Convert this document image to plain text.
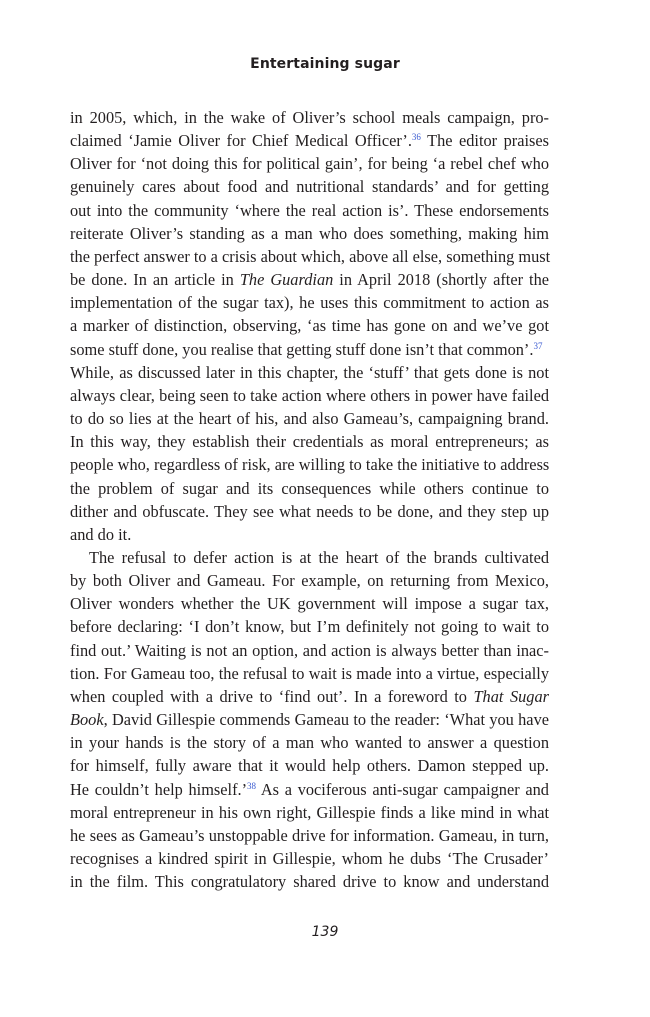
Entertaining sugar
in 2005, which, in the wake of Oliver’s school meals campaign, pro-
claimed ‘Jamie Oliver for Chief Medical Officer’.$^{36}$ The editor praises
Oliver for ‘not doing this for political gain’, for being ‘a rebel chef who
genuinely cares about food and nutritional standards’ and for getting
out into the community ‘where the real action is’. These endorsements
reiterate Oliver’s standing as a man who does something, making him
the perfect answer to a crisis about which, above all else, something must
be done. In an article in The Guardian in April 2018 (shortly after the
implementation of the sugar tax), he uses this commitment to action as
a marker of distinction, observing, ‘as time has gone on and we’ve got
some stuff done, you realise that getting stuff done isn’t that common’.$^{37}$
While, as discussed later in this chapter, the ‘stuff’ that gets done is not
always clear, being seen to take action where others in power have failed
to do so lies at the heart of his, and also Gameau’s, campaigning brand.
In this way, they establish their credentials as moral entrepreneurs; as
people who, regardless of risk, are willing to take the initiative to address
the problem of sugar and its consequences while others continue to
dither and obfuscate. They see what needs to be done, and they step up
and do it.
The refusal to defer action is at the heart of the brands cultivated
by both Oliver and Gameau. For example, on returning from Mexico,
Oliver wonders whether the UK government will impose a sugar tax,
before declaring: ‘I don’t know, but I’m definitely not going to wait to
find out.’ Waiting is not an option, and action is always better than inac-
tion. For Gameau too, the refusal to wait is made into a virtue, especially
when coupled with a drive to ‘find out’. In a foreword to That Sugar
Book, David Gillespie commends Gameau to the reader: ‘What you have
in your hands is the story of a man who wanted to answer a question
for himself, fully aware that it would help others. Damon stepped up.
He couldn’t help himself.’$^{38}$ As a vociferous anti-sugar campaigner and
moral entrepreneur in his own right, Gillespie finds a like mind in what
he sees as Gameau’s unstoppable drive for information. Gameau, in turn,
recognises a kindred spirit in Gillespie, whom he dubs ‘The Crusader’
in the film. This congratulatory shared drive to know and understand

139
